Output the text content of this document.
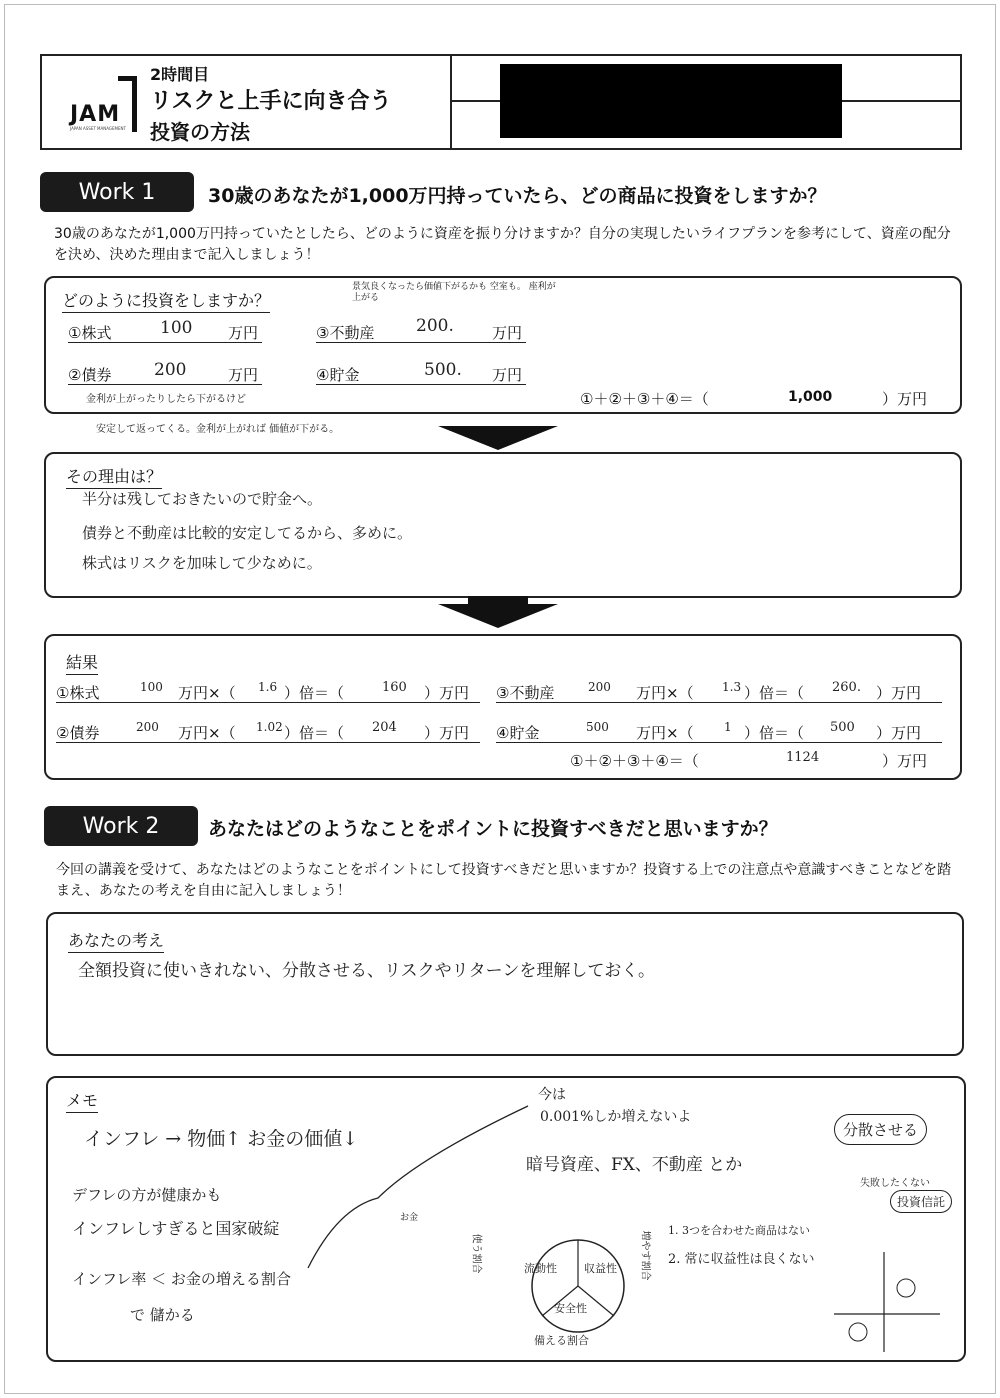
JAM
JAPAN ASSET MANAGEMENT
2時間目
リスクと上手に向き合う
投資の方法
Work 1	30歳のあなたが1,000万円持っていたら、どの商品に投資をしますか？
30歳のあなたが1,000万円持っていたとしたら、どのように資産を振り分けますか？自分の実現したいライフプランを参考にして、資産の配分を決め、決めた理由まで記入しましょう！
どのように投資をしますか？
①株式	100 万円	③不動産 200.	万円
②債券	200	万円	④貯金	500. 万円
①＋②＋③＋④＝（	1,000	）万円
景気良くなったら価値下がるかも 空室も。 座利が上がる
金利が上がったりしたら下がるけど
安定して返ってくる。金利が上がれば 価値が下がる。
その理由は？
半分は残しておきたいので貯金へ。
債券と不動産は比較的安定してるから、多めに。
株式はリスクを加味して少なめに。
結果
①株式	100 万円×（ 1.6 ）倍＝（	160 ）万円 ③不動産	200 万円×（ 1.3 ）倍＝（ 260. ）万円
②債券	200 万円×（ 1.02 ）倍＝（ 204 ）万円 ④貯金	500 万円×（	1 ）倍＝（ 500 ）万円
①＋②＋③＋④＝（	1124	）万円
Work 2	あなたはどのようなことをポイントに投資すべきだと思いますか？
今回の講義を受けて、あなたはどのようなことをポイントにして投資すべきだと思いますか？投資する上での注意点や意識すべきことなどを踏まえ、あなたの考えを自由に記入しましょう！
あなたの考え
全額投資に使いきれない、分散させる、リスクやリターンを理解しておく。
メモ
インフレ → 物価↑ お金の価値↓
デフレの方が健康かも
インフレしすぎると国家破綻
インフレ率 ＜ お金の増える割合
で 儲かる
今は
0.001%しか増えないよ
暗号資産、FX、不動産 とか
1. 3つを合わせた商品はない
2. 常に収益性は良くない
分散させる
失敗したくない
投資信託
流動性 収益性
安全性
使う割合	増やす割合
備える割合
お金
